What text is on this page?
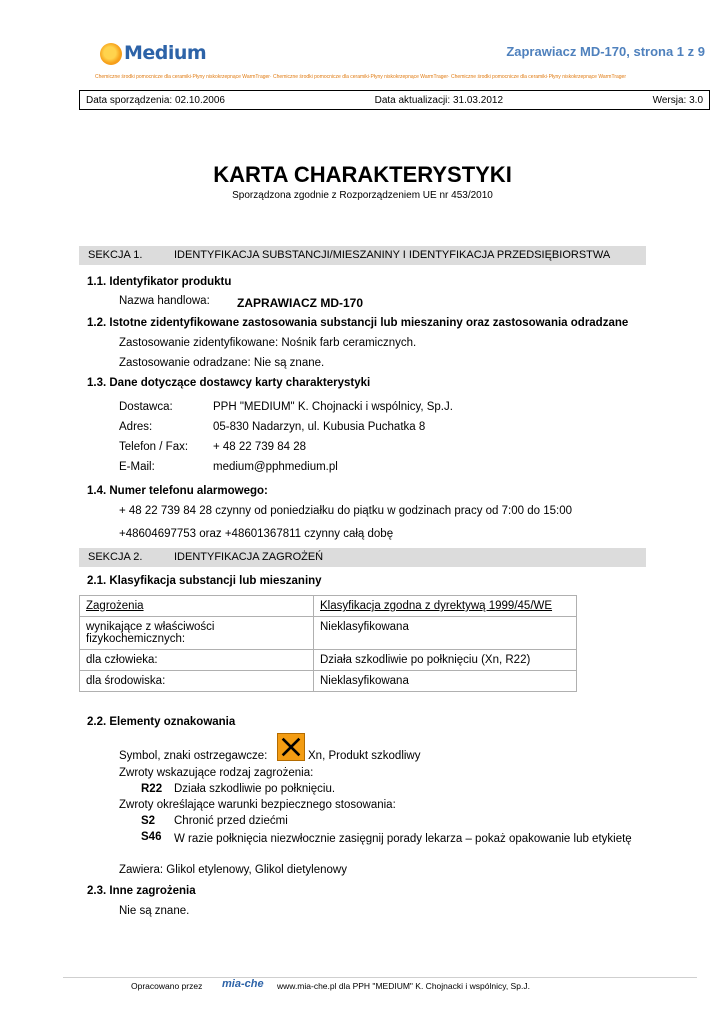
Medium	Zaprawiacz MD-170, strona 1 z 9
Chemiczne środki pomocnicze dla ceramiki·Płyny niskokrzepnące WarmTrager· Chemiczne środki pomocnicze dla ceramiki·Płyny niskokrzepnące WarmTrager· Chemiczne środki pomocnicze dla ceramiki·Płyny niskokrzepnące WarmTrager
Data sporządzenia: 02.10.2006	Data aktualizacji: 31.03.2012	Wersja: 3.0
KARTA CHARAKTERYSTYKI
Sporządzona zgodnie z Rozporządzeniem UE nr 453/2010
SEKCJA 1.	IDENTYFIKACJA SUBSTANCJI/MIESZANINY I IDENTYFIKACJA PRZEDSIĘBIORSTWA
1.1. Identyfikator produktu
Nazwa handlowa: ZAPRAWIACZ MD-170
1.2. Istotne zidentyfikowane zastosowania substancji lub mieszaniny oraz zastosowania odradzane
Zastosowanie zidentyfikowane: Nośnik farb ceramicznych.
Zastosowanie odradzane: Nie są znane.
1.3. Dane dotyczące dostawcy karty charakterystyki
Dostawca:	PPH "MEDIUM" K. Chojnacki i wspólnicy, Sp.J.
Adres:	05-830 Nadarzyn, ul. Kubusia Puchatka 8
Telefon / Fax: + 48 22 739 84 28
E-Mail:	medium@pphmedium.pl
1.4. Numer telefonu alarmowego:
+ 48 22 739 84 28 czynny od poniedziałku do piątku w godzinach pracy od 7:00 do 15:00
+48604697753 oraz +48601367811 czynny całą dobę
SEKCJA 2.	IDENTYFIKACJA ZAGROŻEŃ
2.1. Klasyfikacja substancji lub mieszaniny
Zagrożenia	Klasyfikacja zgodna z dyrektywą 1999/45/WE
wynikające z właściwości fizykochemicznych:	Nieklasyfikowana
dla człowieka:	Działa szkodliwie po połknięciu (Xn, R22)
dla środowiska:	Nieklasyfikowana
2.2. Elementy oznakowania
Symbol, znaki ostrzegawcze:	Xn, Produkt szkodliwy
Zwroty wskazujące rodzaj zagrożenia:
R22 Działa szkodliwie po połknięciu.
Zwroty określające warunki bezpiecznego stosowania:
S2 Chronić przed dziećmi
S46 W razie połknięcia niezwłocznie zasięgnij porady lekarza – pokaż opakowanie lub etykietę
Zawiera: Glikol etylenowy, Glikol dietylenowy
2.3. Inne zagrożenia
Nie są znane.
Opracowano przez mia-che www.mia-che.pl dla PPH "MEDIUM" K. Chojnacki i wspólnicy, Sp.J.
